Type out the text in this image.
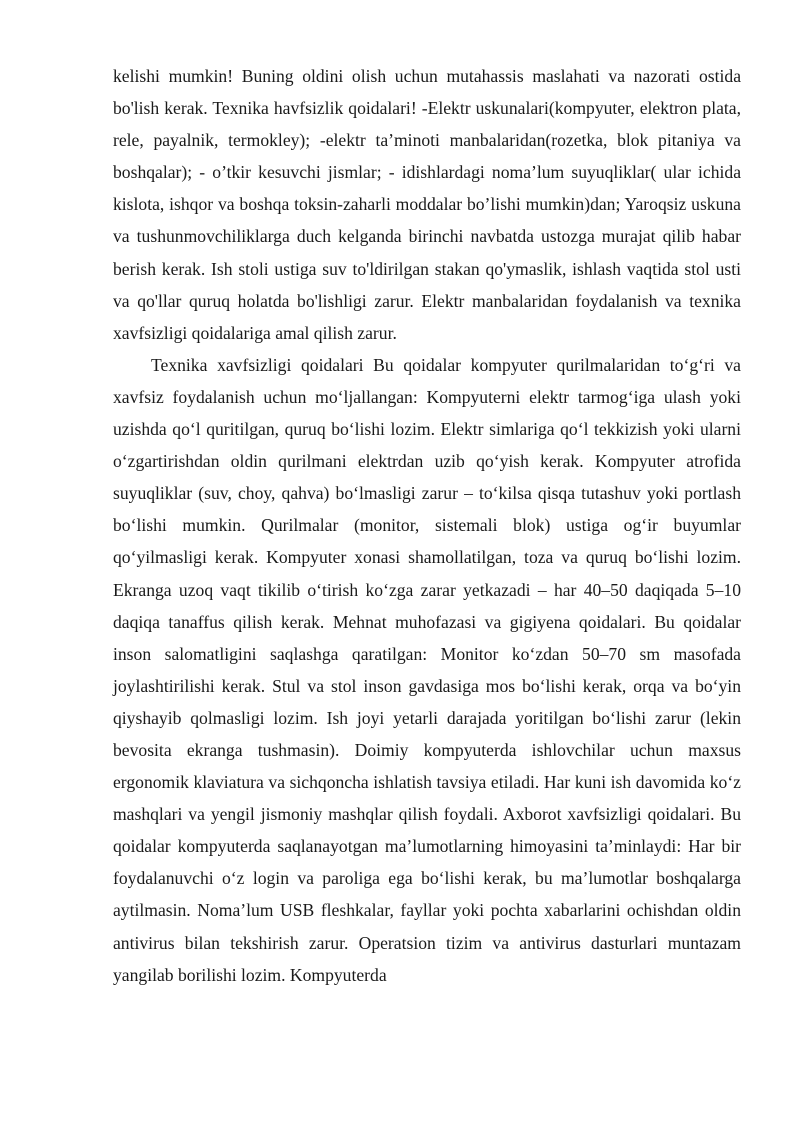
kelishi mumkin! Buning oldini olish uchun mutahassis maslahati va nazorati ostida bo'lish kerak. Texnika havfsizlik qoidalari! -Elektr uskunalari(kompyuter, elektron plata, rele, payalnik, termokley); -elektr ta’minoti manbalaridan(rozetka, blok pitaniya va boshqalar); - o’tkir kesuvchi jismlar; - idishlardagi noma’lum suyuqliklar( ular ichida kislota, ishqor va boshqa toksin-zaharli moddalar bo’lishi mumkin)dan; Yaroqsiz uskuna va tushunmovchiliklarga duch kelganda birinchi navbatda ustozga murajat qilib habar berish kerak. Ish stoli ustiga suv to'ldirilgan stakan qo'ymaslik, ishlash vaqtida stol usti va qo'llar quruq holatda bo'lishligi zarur. Elektr manbalaridan foydalanish va texnika xavfsizligi qoidalariga amal qilish zarur.

Texnika xavfsizligi qoidalari Bu qoidalar kompyuter qurilmalaridan to‘g‘ri va xavfsiz foydalanish uchun mo‘ljallangan: Kompyuterni elektr tarmog‘iga ulash yoki uzishda qo‘l quritilgan, quruq bo‘lishi lozim. Elektr simlariga qo‘l tekkizish yoki ularni o‘zgartirishdan oldin qurilmani elektrdan uzib qo‘yish kerak. Kompyuter atrofida suyuqliklar (suv, choy, qahva) bo‘lmasligi zarur – to‘kilsa qisqa tutashuv yoki portlash bo‘lishi mumkin. Qurilmalar (monitor, sistemali blok) ustiga og‘ir buyumlar qo‘yilmasligi kerak. Kompyuter xonasi shamollatilgan, toza va quruq bo‘lishi lozim. Ekranga uzoq vaqt tikilib o‘tirish ko‘zga zarar yetkazadi – har 40–50 daqiqada 5–10 daqiqa tanaffus qilish kerak. Mehnat muhofazasi va gigiyena qoidalari. Bu qoidalar inson salomatligini saqlashga qaratilgan: Monitor ko‘zdan 50–70 sm masofada joylashtirilishi kerak. Stul va stol inson gavdasiga mos bo‘lishi kerak, orqa va bo‘yin qiyshayib qolmasligi lozim. Ish joyi yetarli darajada yoritilgan bo‘lishi zarur (lekin bevosita ekranga tushmasin). Doimiy kompyuterda ishlovchilar uchun maxsus ergonomik klaviatura va sichqoncha ishlatish tavsiya etiladi. Har kuni ish davomida ko‘z mashqlari va yengil jismoniy mashqlar qilish foydali. Axborot xavfsizligi qoidalari. Bu qoidalar kompyuterda saqlanayotgan ma’lumotlarning himoyasini ta’minlaydi: Har bir foydalanuvchi o‘z login va paroliga ega bo‘lishi kerak, bu ma’lumotlar boshqalarga aytilmasin. Noma’lum USB fleshkalar, fayllar yoki pochta xabarlarini ochishdan oldin antivirus bilan tekshirish zarur. Operatsion tizim va antivirus dasturlari muntazam yangilab borilishi lozim. Kompyuterda
